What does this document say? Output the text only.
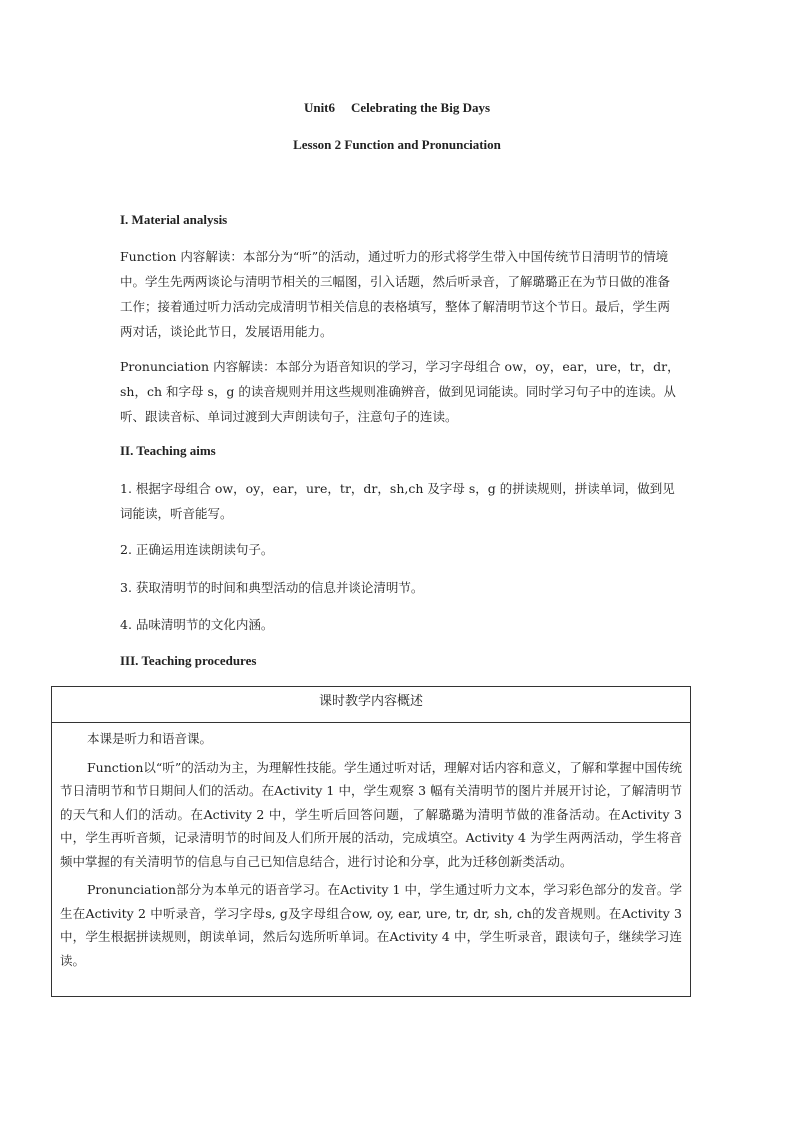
Unit6 Celebrating the Big Days
Lesson 2 Function and Pronunciation
I. Material analysis

Function 内容解读：本部分为“听”的活动，通过听力的形式将学生带入中国传统节日清明节的情境中。学生先两两谈论与清明节相关的三幅图，引入话题，然后听录音，了解璐璐正在为节日做的准备工作；接着通过听力活动完成清明节相关信息的表格填写，整体了解清明节这个节日。最后，学生两两对话，谈论此节日，发展语用能力。

Pronunciation 内容解读：本部分为语音知识的学习，学习字母组合 ow，oy，ear，ure，tr，dr，sh，ch 和字母 s，g 的读音规则并用这些规则准确辨音，做到见词能读。同时学习句子中的连读。从听、跟读音标、单词过渡到大声朗读句子，注意句子的连读。

II. Teaching aims

1. 根据字母组合 ow，oy，ear，ure，tr，dr，sh,ch 及字母 s，g 的拼读规则，拼读单词，做到见词能读，听音能写。

2. 正确运用连读朗读句子。

3. 获取清明节的时间和典型活动的信息并谈论清明节。

4. 品味清明节的文化内涵。

III. Teaching procedures
课时教学内容概述

本课是听力和语音课。

Function以“听”的活动为主，为理解性技能。学生通过听对话，理解对话内容和意义，了解和掌握中国传统节日清明节和节日期间人们的活动。在Activity 1 中，学生观察 3 幅有关清明节的图片并展开讨论，了解清明节的天气和人们的活动。在Activity 2 中，学生听后回答问题，了解璐璐为清明节做的准备活动。在Activity 3 中，学生再听音频，记录清明节的时间及人们所开展的活动，完成填空。Activity 4 为学生两两活动，学生将音频中掌握的有关清明节的信息与自己已知信息结合，进行讨论和分享，此为迁移创新类活动。

Pronunciation部分为本单元的语音学习。在Activity 1 中，学生通过听力文本，学习彩色部分的发音。学生在Activity 2 中听录音，学习字母s, g及字母组合ow, oy, ear, ure, tr, dr, sh, ch的发音规则。在Activity 3 中，学生根据拼读规则，朗读单词，然后勾选所听单词。在Activity 4 中，学生听录音，跟读句子，继续学习连读。
